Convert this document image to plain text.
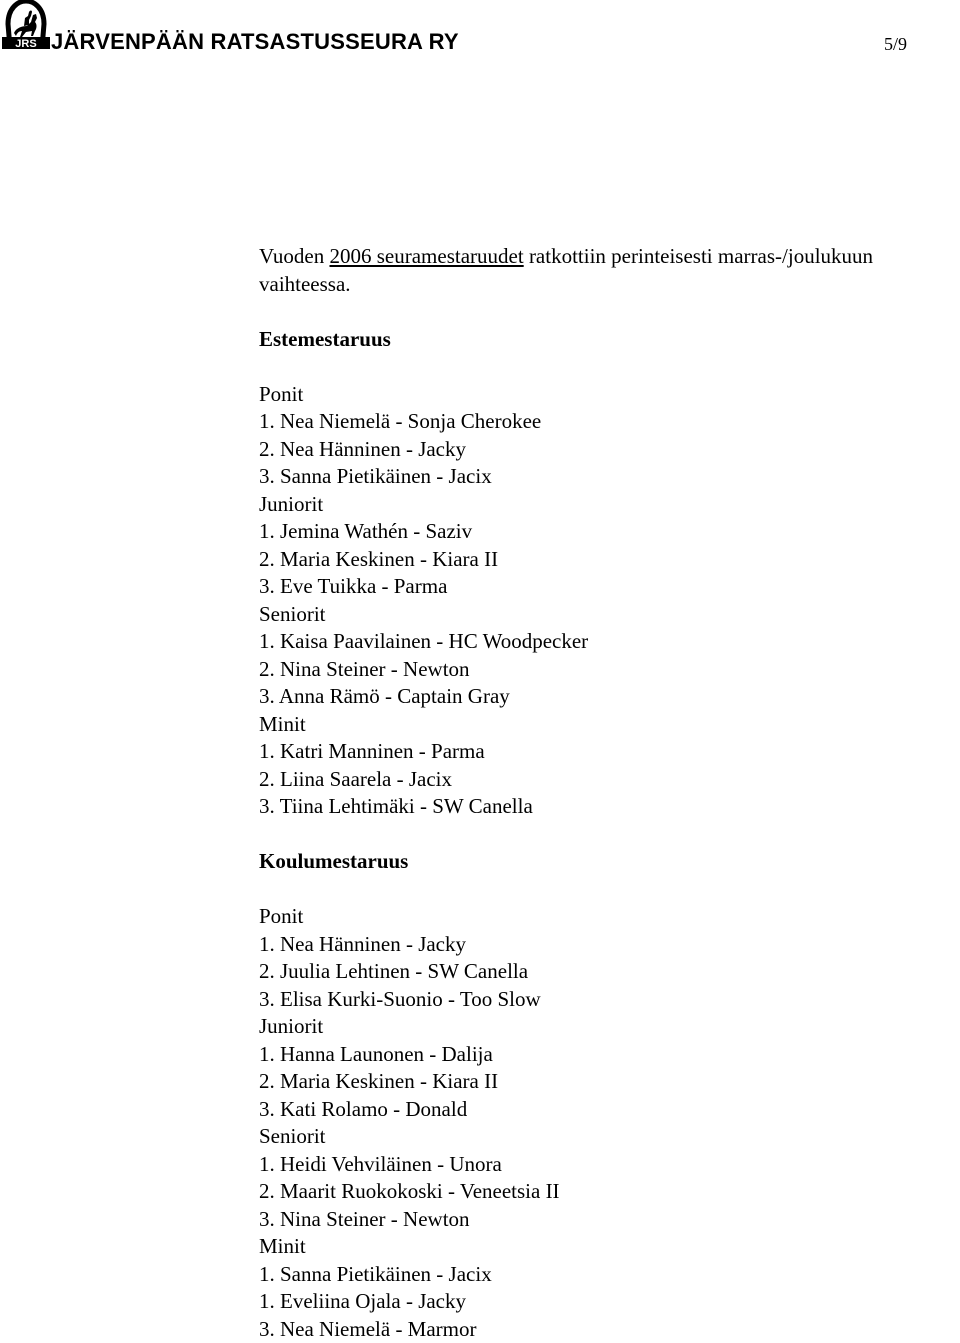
JRS JÄRVENPÄÄN RATSASTUSSEURA RY	5/9

Vuoden 2006 seuramestaruudet ratkottiin perinteisesti marras-/joulukuun vaihteessa.

Estemestaruus
Ponit
1. Nea Niemelä - Sonja Cherokee
2. Nea Hänninen - Jacky
3. Sanna Pietikäinen - Jacix
Juniorit
1. Jemina Wathén - Saziv
2. Maria Keskinen - Kiara II
3. Eve Tuikka - Parma
Seniorit
1. Kaisa Paavilainen - HC Woodpecker
2. Nina Steiner - Newton
3. Anna Rämö - Captain Gray
Minit
1. Katri Manninen - Parma
2. Liina Saarela - Jacix
3. Tiina Lehtimäki - SW Canella
Koulumestaruus
Ponit
1. Nea Hänninen - Jacky
2. Juulia Lehtinen - SW Canella
3. Elisa Kurki-Suonio - Too Slow
Juniorit
1. Hanna Launonen - Dalija
2. Maria Keskinen - Kiara II
3. Kati Rolamo - Donald
Seniorit
1. Heidi Vehviläinen - Unora
2. Maarit Ruokokoski - Veneetsia II
3. Nina Steiner - Newton
Minit
1. Sanna Pietikäinen - Jacix
1. Eveliina Ojala - Jacky
3. Nea Niemelä - Marmor
